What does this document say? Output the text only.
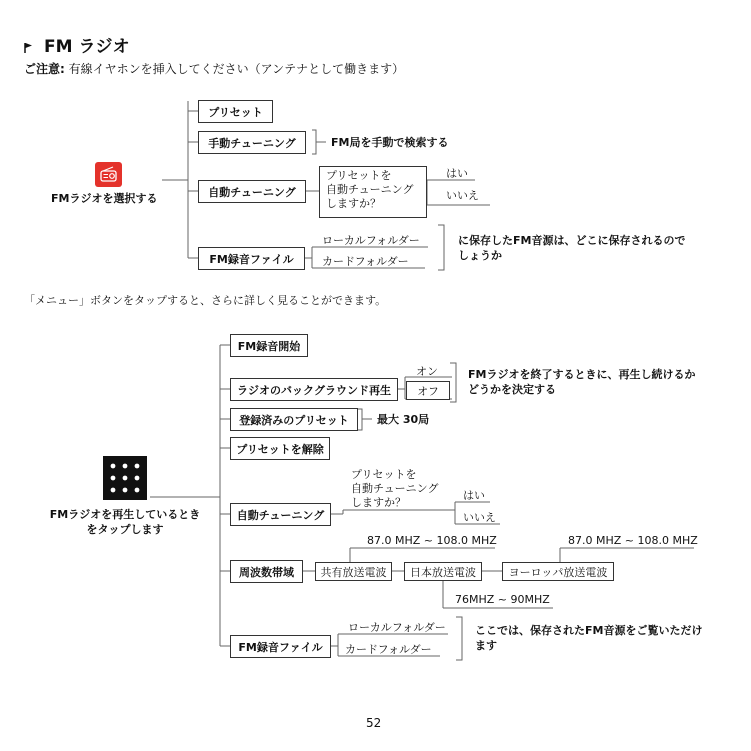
FM ラジオ
ご注意: 有線イヤホンを挿入してください（アンテナとして働きます）
FMラジオを選択する
プリセット
手動チューニング	FM局を手動で検索する
自動チューニング
プリセットを
自動チューニング
しますか？
はい
いいえ
FM録音ファイル
ローカルフォルダー
カードフォルダー
に保存したFM音源は、どこに保存されるので
しょうか
「メニュー」ボタンをタップすると、さらに詳しく見ることができます。
FMラジオを再生しているとき
をタップします
FM録音開始
ラジオのバックグラウンド再生
オン
オフ
FMラジオを終了するときに、再生し続けるか
どうかを決定する
登録済みのプリセット	最大 30局
プリセットを解除
自動チューニング
プリセットを
自動チューニング
しますか？
はい
いいえ
周波数帯域
87.0 MHZ ~ 108.0 MHZ	87.0 MHZ ~ 108.0 MHZ
共有放送電波	日本放送電波	ヨーロッパ放送電波
76MHZ ~ 90MHZ
FM録音ファイル
ローカルフォルダー
カードフォルダー
ここでは、保存されたFM音源をご覧いただけ
ます
52
